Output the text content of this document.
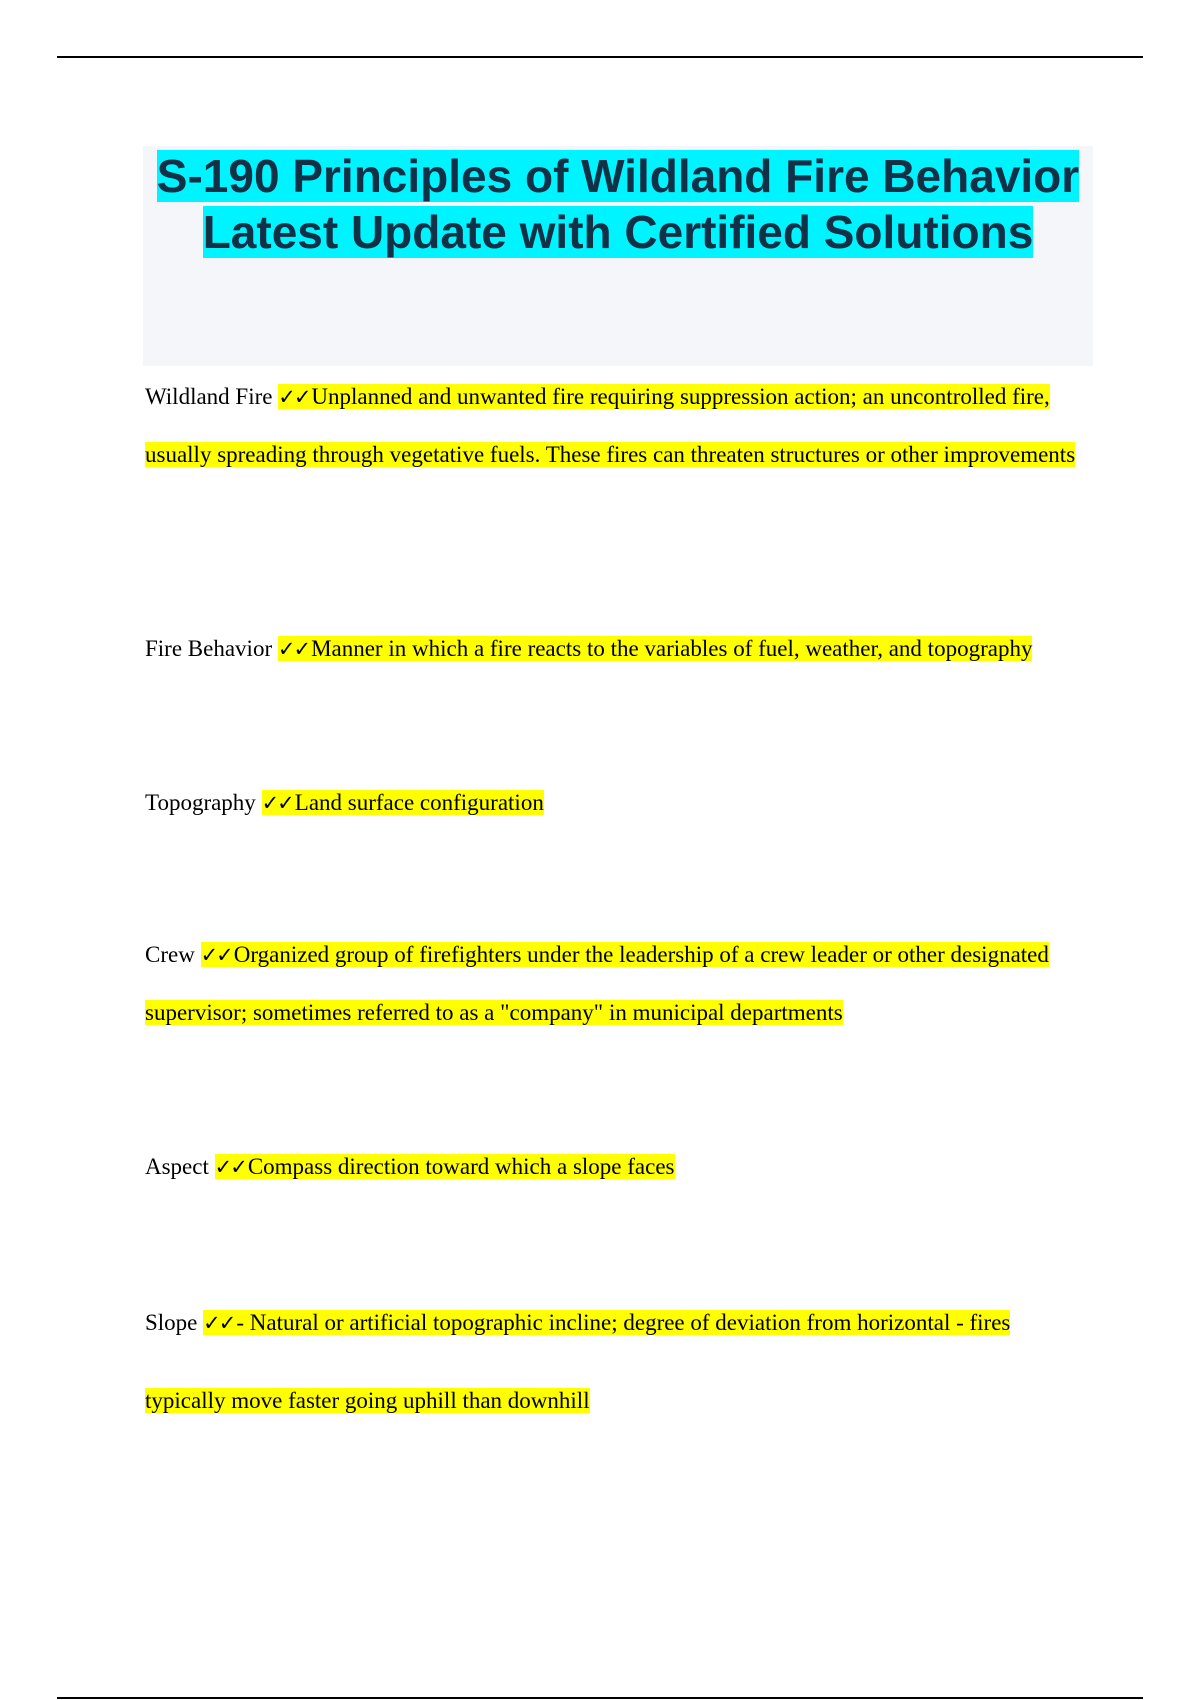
S-190 Principles of Wildland Fire Behavior Latest Update with Certified Solutions

Wildland Fire ✓✓Unplanned and unwanted fire requiring suppression action; an uncontrolled fire, usually spreading through vegetative fuels. These fires can threaten structures or other improvements

Fire Behavior ✓✓Manner in which a fire reacts to the variables of fuel, weather, and topography

Topography ✓✓Land surface configuration

Crew ✓✓Organized group of firefighters under the leadership of a crew leader or other designated supervisor; sometimes referred to as a "company" in municipal departments

Aspect ✓✓Compass direction toward which a slope faces

Slope ✓✓- Natural or artificial topographic incline; degree of deviation from horizontal - fires typically move faster going uphill than downhill
